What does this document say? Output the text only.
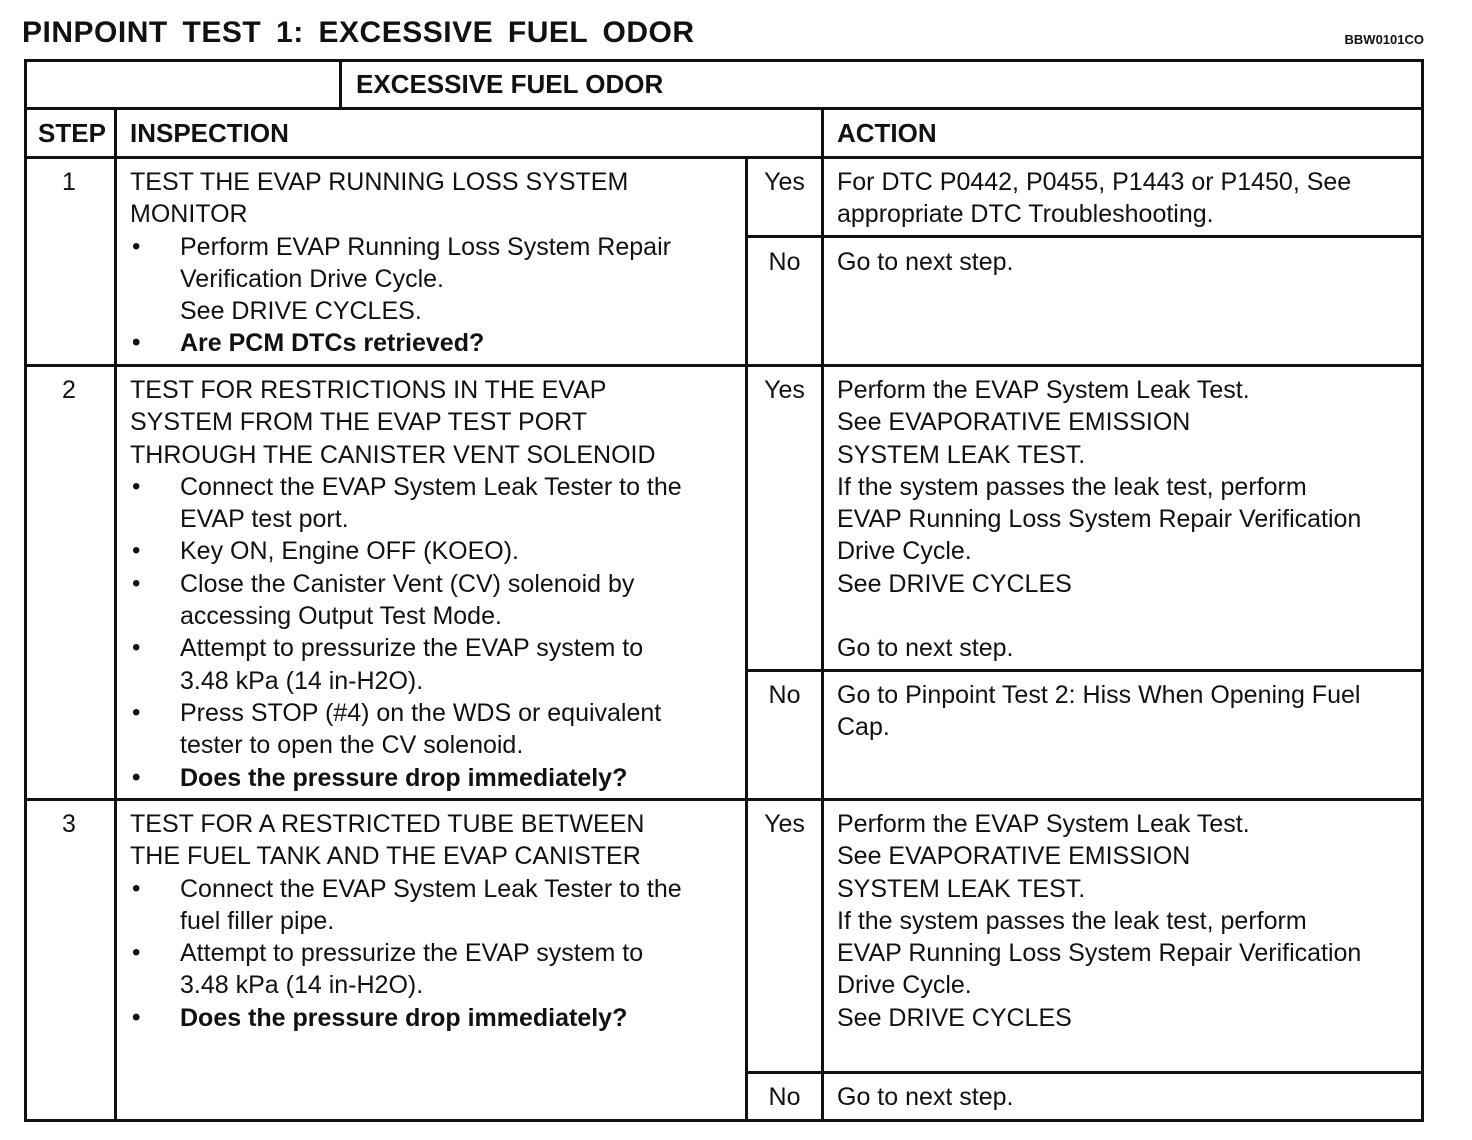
PINPOINT TEST 1: EXCESSIVE FUEL ODOR	BBW0101CO
EXCESSIVE FUEL ODOR
STEP INSPECTION	ACTION
1 TEST THE EVAP RUNNING LOSS SYSTEM
MONITOR
• Perform EVAP Running Loss System Repair
Verification Drive Cycle.
See DRIVE CYCLES.
• Are PCM DTCs retrieved?
Yes	For DTC P0442, P0455, P1443 or P1450, See
appropriate DTC Troubleshooting.
No	Go to next step.
2 TEST FOR RESTRICTIONS IN THE EVAP
SYSTEM FROM THE EVAP TEST PORT
THROUGH THE CANISTER VENT SOLENOID
• Connect the EVAP System Leak Tester to the
EVAP test port.
• Key ON, Engine OFF (KOEO).
• Close the Canister Vent (CV) solenoid by
accessing Output Test Mode.
• Attempt to pressurize the EVAP system to
3.48 kPa (14 in-H2O).
• Press STOP (#4) on the WDS or equivalent
tester to open the CV solenoid.
• Does the pressure drop immediately?
Yes	Perform the EVAP System Leak Test.
See EVAPORATIVE EMISSION
SYSTEM LEAK TEST.
If the system passes the leak test, perform
EVAP Running Loss System Repair Verification
Drive Cycle.
See DRIVE CYCLES
Go to next step.
No	Go to Pinpoint Test 2: Hiss When Opening Fuel
Cap.
3 TEST FOR A RESTRICTED TUBE BETWEEN
THE FUEL TANK AND THE EVAP CANISTER
• Connect the EVAP System Leak Tester to the
fuel filler pipe.
• Attempt to pressurize the EVAP system to
3.48 kPa (14 in-H2O).
• Does the pressure drop immediately?
Yes	Perform the EVAP System Leak Test.
See EVAPORATIVE EMISSION
SYSTEM LEAK TEST.
If the system passes the leak test, perform
EVAP Running Loss System Repair Verification
Drive Cycle.
See DRIVE CYCLES
No	Go to next step.
